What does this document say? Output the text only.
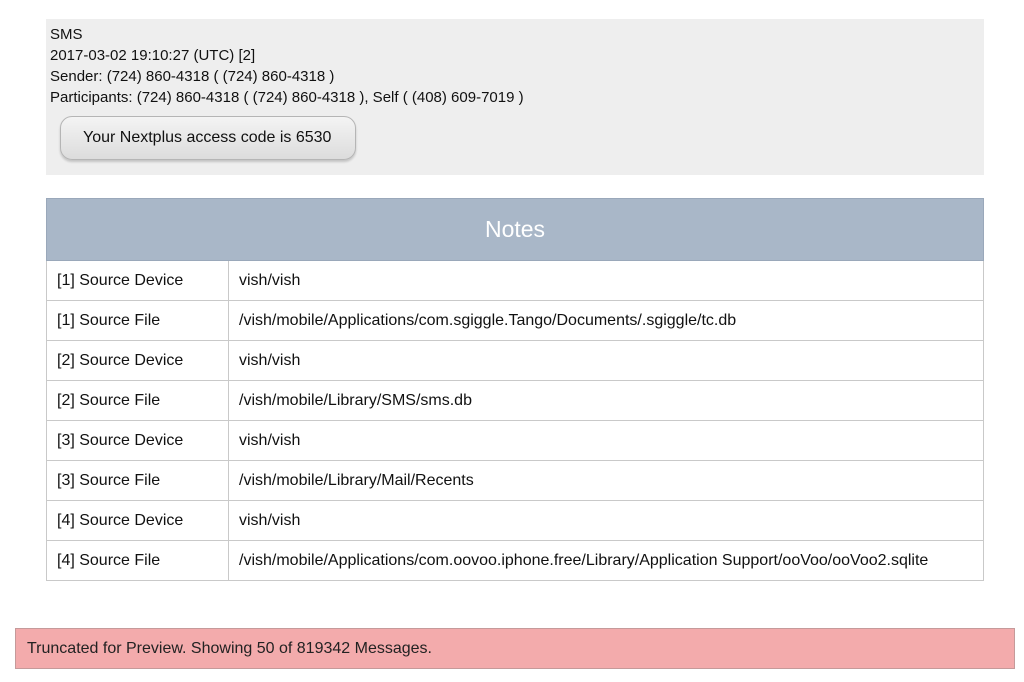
SMS
2017-03-02 19:10:27 (UTC) [2]
Sender: (724) 860-4318 ( (724) 860-4318 )
Participants: (724) 860-4318 ( (724) 860-4318 ), Self ( (408) 609-7019 )
Your Nextplus access code is 6530
Notes	
[1] Source Device	vish/vish
[1] Source File	/vish/mobile/Applications/com.sgiggle.Tango/Documents/.sgiggle/tc.db
[2] Source Device	vish/vish
[2] Source File	/vish/mobile/Library/SMS/sms.db
[3] Source Device	vish/vish
[3] Source File	/vish/mobile/Library/Mail/Recents
[4] Source Device	vish/vish
[4] Source File	/vish/mobile/Applications/com.oovoo.iphone.free/Library/Application Support/ooVoo/ooVoo2.sqlite
Truncated for Preview. Showing 50 of 819342 Messages.
